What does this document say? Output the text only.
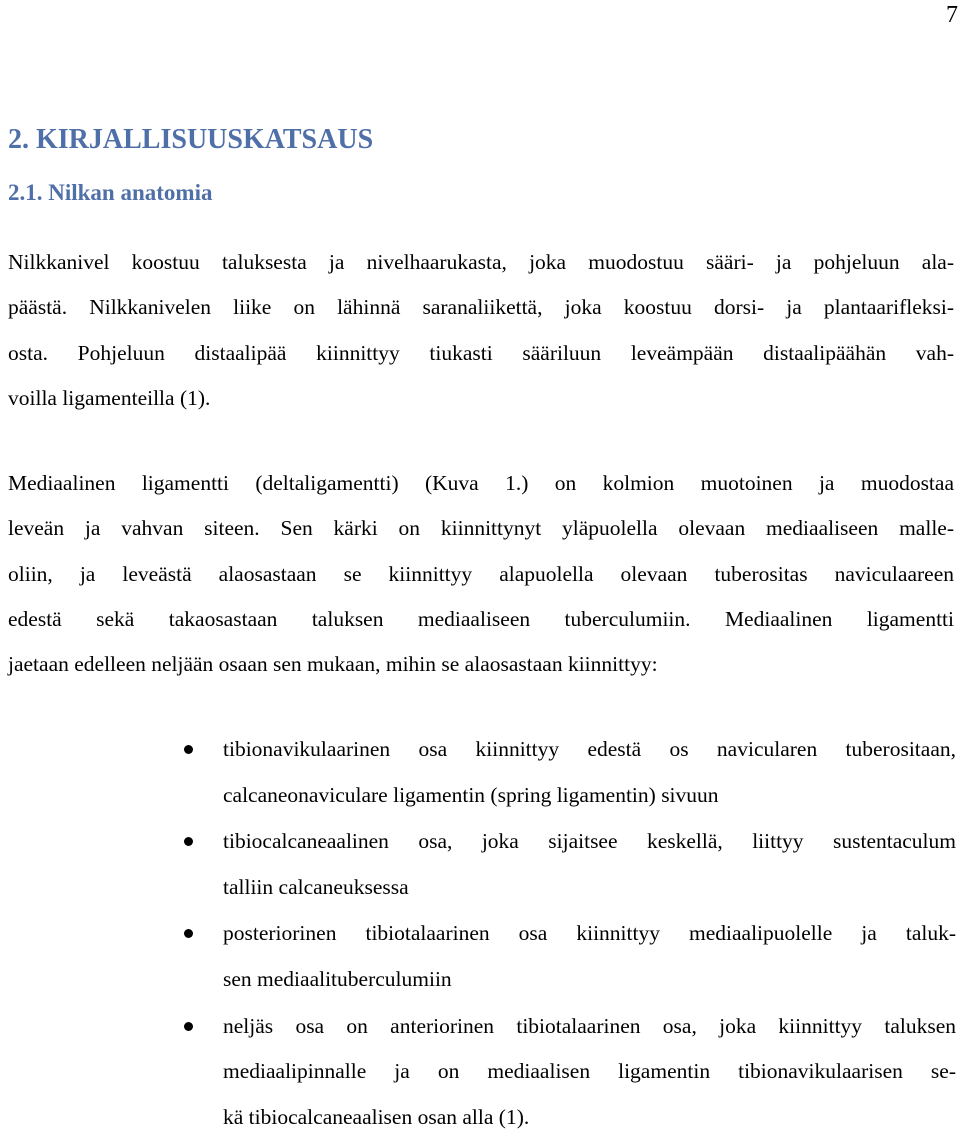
7
2. KIRJALLISUUSKATSAUS
2.1. Nilkan anatomia
Nilkkanivel koostuu taluksesta ja nivelhaarukasta, joka muodostuu sääri- ja pohjeluun ala-
päästä. Nilkkanivelen liike on lähinnä saranaliikettä, joka koostuu dorsi- ja plantaarifleksi-
osta. Pohjeluun distaalipää kiinnittyy tiukasti sääriluun leveämpään distaalipäähän vah-
voilla ligamenteilla (1).
Mediaalinen ligamentti (deltaligamentti) (Kuva 1.) on kolmion muotoinen ja muodostaa
leveän ja vahvan siteen. Sen kärki on kiinnittynyt yläpuolella olevaan mediaaliseen malle-
oliin, ja leveästä alaosastaan se kiinnittyy alapuolella olevaan tuberositas naviculaareen
edestä sekä takaosastaan taluksen mediaaliseen tuberculumiin. Mediaalinen ligamentti
jaetaan edelleen neljään osaan sen mukaan, mihin se alaosastaan kiinnittyy:
tibionavikulaarinen osa kiinnittyy edestä os navicularen tuberositaan,
calcaneonaviculare ligamentin (spring ligamentin) sivuun
tibiocalcaneaalinen osa, joka sijaitsee keskellä, liittyy sustentaculum
talliin calcaneuksessa
posteriorinen tibiotalaarinen osa kiinnittyy mediaalipuolelle ja taluk-
sen mediaalituberculumiin
neljäs osa on anteriorinen tibiotalaarinen osa, joka kiinnittyy taluksen
mediaalipinnalle ja on mediaalisen ligamentin tibionavikulaarisen se-
kä tibiocalcaneaalisen osan alla (1).
